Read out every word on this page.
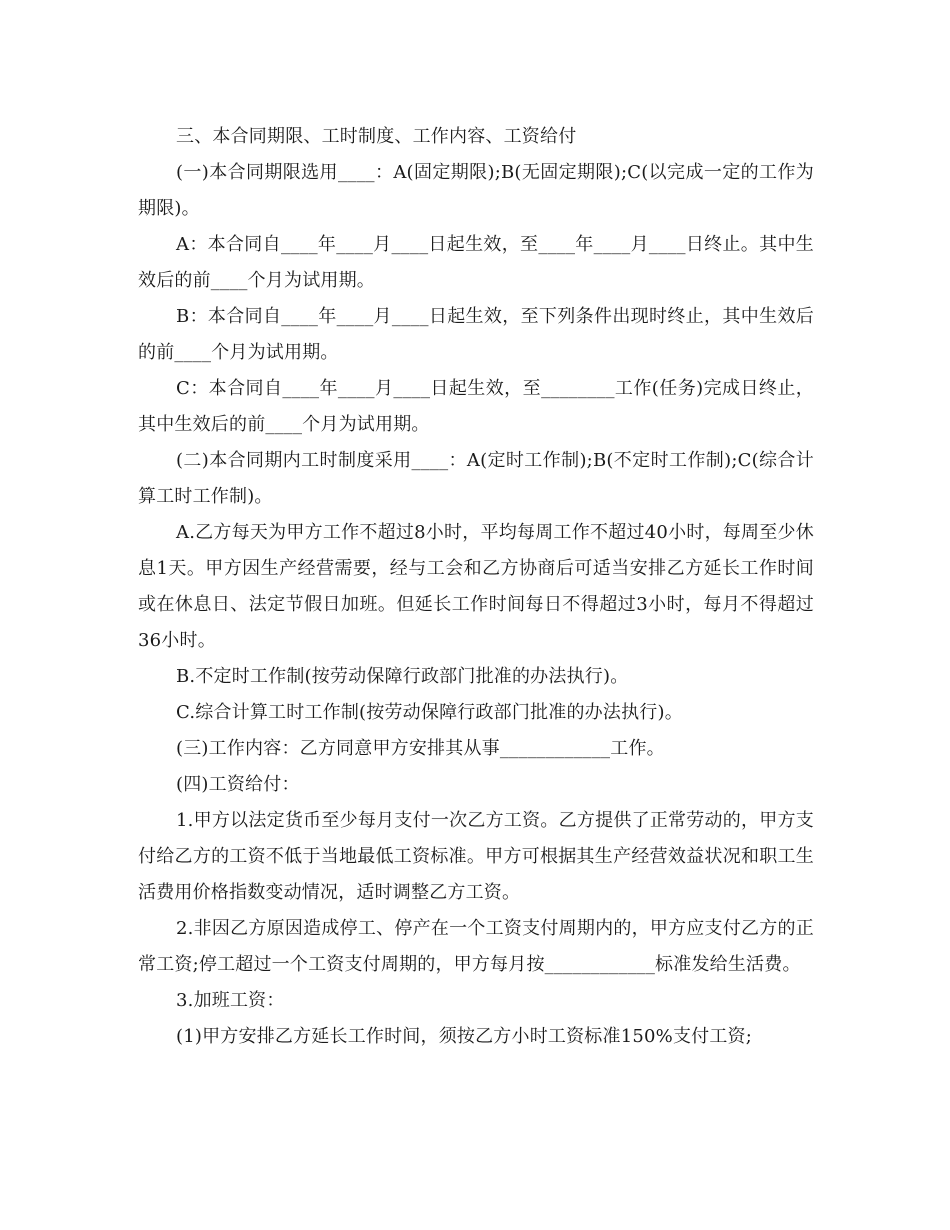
三、本合同期限、工时制度、工作内容、工资给付

(一)本合同期限选用____：A(固定期限);B(无固定期限);C(以完成一定的工作为期限)。

A：本合同自____年____月____日起生效，至____年____月____日终止。其中生效后的前____个月为试用期。

B：本合同自____年____月____日起生效，至下列条件出现时终止，其中生效后的前____个月为试用期。

C：本合同自____年____月____日起生效，至________工作(任务)完成日终止，其中生效后的前____个月为试用期。

(二)本合同期内工时制度采用____：A(定时工作制);B(不定时工作制);C(综合计算工时工作制)。

A.乙方每天为甲方工作不超过8小时，平均每周工作不超过40小时，每周至少休息1天。甲方因生产经营需要，经与工会和乙方协商后可适当安排乙方延长工作时间或在休息日、法定节假日加班。但延长工作时间每日不得超过3小时，每月不得超过36小时。

B.不定时工作制(按劳动保障行政部门批准的办法执行)。

C.综合计算工时工作制(按劳动保障行政部门批准的办法执行)。

(三)工作内容：乙方同意甲方安排其从事____________工作。

(四)工资给付：

1.甲方以法定货币至少每月支付一次乙方工资。乙方提供了正常劳动的，甲方支付给乙方的工资不低于当地最低工资标准。甲方可根据其生产经营效益状况和职工生活费用价格指数变动情况，适时调整乙方工资。

2.非因乙方原因造成停工、停产在一个工资支付周期内的，甲方应支付乙方的正常工资;停工超过一个工资支付周期的，甲方每月按____________标准发给生活费。

3.加班工资：

(1)甲方安排乙方延长工作时间，须按乙方小时工资标准150%支付工资;
